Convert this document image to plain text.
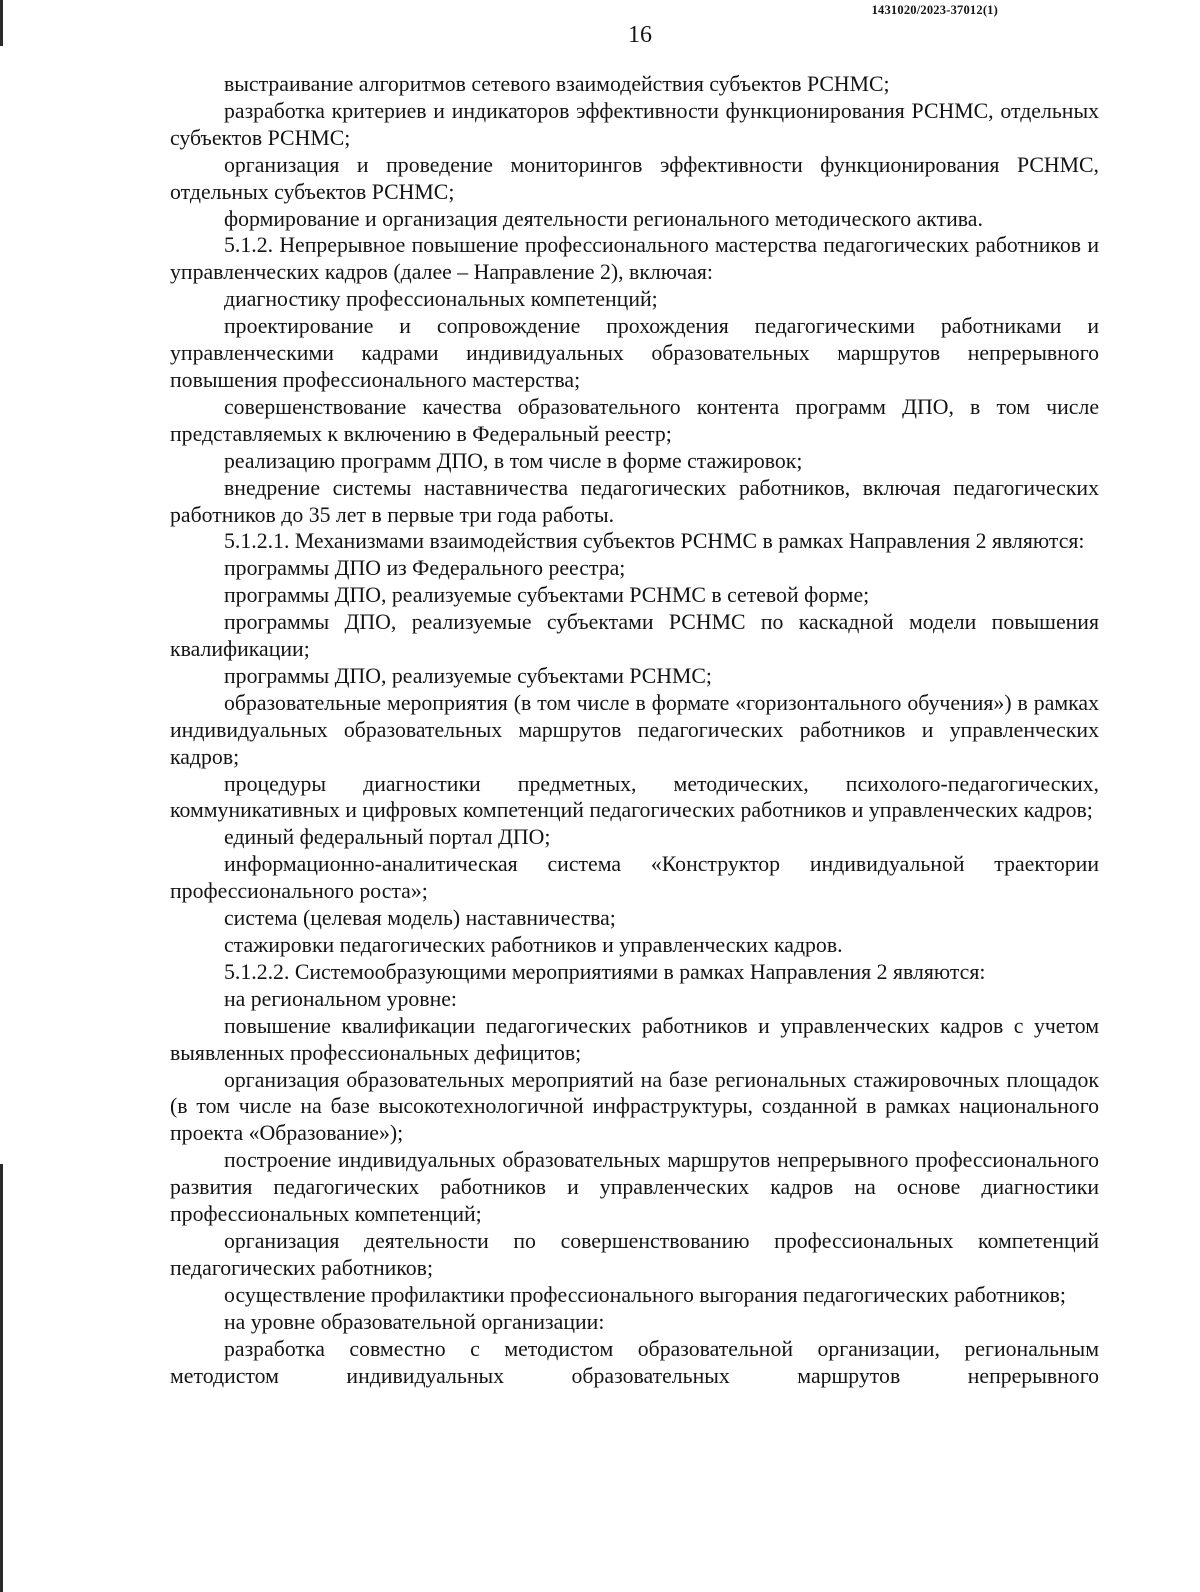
1431020/2023-37012(1)
16

выстраивание алгоритмов сетевого взаимодействия субъектов РСНМС;

разработка критериев и индикаторов эффективности функционирования РСНМС, отдельных субъектов РСНМС;

организация и проведение мониторингов эффективности функционирования РСНМС, отдельных субъектов РСНМС;

формирование и организация деятельности регионального методического актива.

5.1.2. Непрерывное повышение профессионального мастерства педагогических работников и управленческих кадров (далее – Направление 2), включая:

диагностику профессиональных компетенций;

проектирование и сопровождение прохождения педагогическими работниками и управленческими кадрами индивидуальных образовательных маршрутов непрерывного повышения профессионального мастерства;

совершенствование качества образовательного контента программ ДПО, в том числе представляемых к включению в Федеральный реестр;

реализацию программ ДПО, в том числе в форме стажировок;

внедрение системы наставничества педагогических работников, включая педагогических работников до 35 лет в первые три года работы.

5.1.2.1. Механизмами взаимодействия субъектов РСНМС в рамках Направления 2 являются:

программы ДПО из Федерального реестра;

программы ДПО, реализуемые субъектами РСНМС в сетевой форме;

программы ДПО, реализуемые субъектами РСНМС по каскадной модели повышения квалификации;

программы ДПО, реализуемые субъектами РСНМС;

образовательные мероприятия (в том числе в формате «горизонтального обучения») в рамках индивидуальных образовательных маршрутов педагогических работников и управленческих кадров;

процедуры диагностики предметных, методических, психолого-педагогических, коммуникативных и цифровых компетенций педагогических работников и управленческих кадров;

единый федеральный портал ДПО;

информационно-аналитическая система «Конструктор индивидуальной траектории профессионального роста»;

система (целевая модель) наставничества;

стажировки педагогических работников и управленческих кадров.

5.1.2.2. Системообразующими мероприятиями в рамках Направления 2 являются:

на региональном уровне:

повышение квалификации педагогических работников и управленческих кадров с учетом выявленных профессиональных дефицитов;

организация образовательных мероприятий на базе региональных стажировочных площадок (в том числе на базе высокотехнологичной инфраструктуры, созданной в рамках национального проекта «Образование»);

построение индивидуальных образовательных маршрутов непрерывного профессионального развития педагогических работников и управленческих кадров на основе диагностики профессиональных компетенций;

организация деятельности по совершенствованию профессиональных компетенций педагогических работников;

осуществление профилактики профессионального выгорания педагогических работников;

на уровне образовательной организации:

разработка совместно с методистом образовательной организации, региональным методистом индивидуальных образовательных маршрутов непрерывного
